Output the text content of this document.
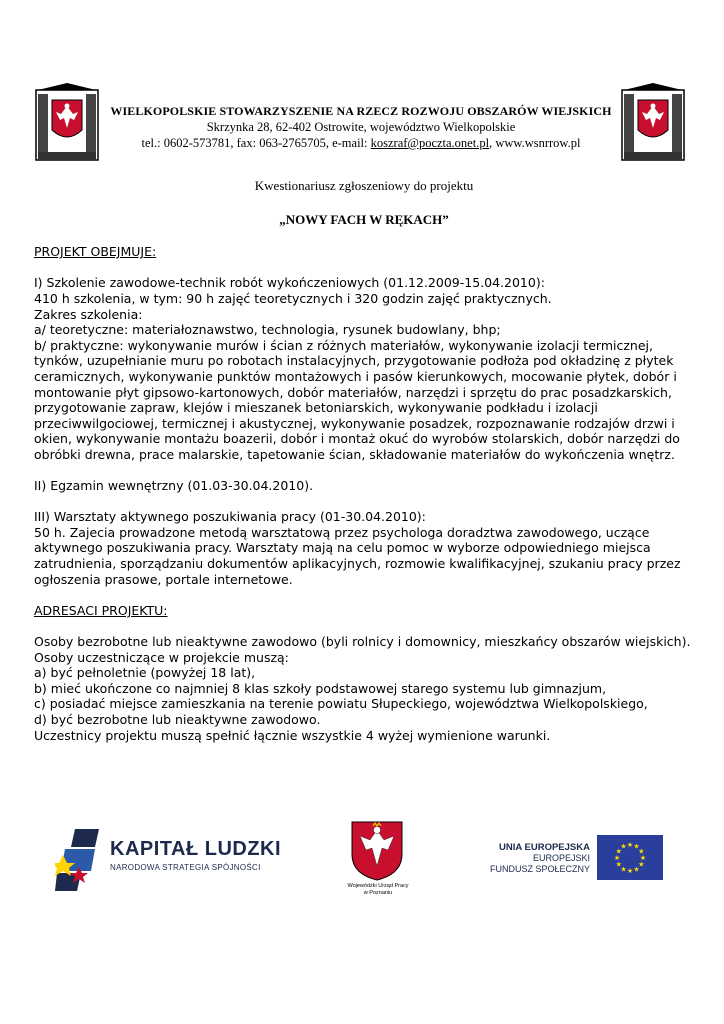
WIELKOPOLSKIE STOWARZYSZENIE NA RZECZ ROZWOJU OBSZARÓW WIEJSKICH
Skrzynka 28, 62-402 Ostrowite, województwo Wielkopolskie
tel.: 0602-573781, fax: 063-2765705, e-mail: koszraf@poczta.onet.pl, www.wsnrrow.pl

Kwestionariusz zgłoszeniowy do projektu

„NOWY FACH W RĘKACH”

PROJEKT OBEJMUJE:

I) Szkolenie zawodowe-technik robót wykończeniowych (01.12.2009-15.04.2010):

410 h szkolenia, w tym: 90 h zajęć teoretycznych i 320 godzin zajęć praktycznych.

Zakres szkolenia:

a/ teoretyczne: materiałoznawstwo, technologia, rysunek budowlany, bhp;

b/ praktyczne: wykonywanie murów i ścian z różnych materiałów, wykonywanie izolacji termicznej, tynków, uzupełnianie muru po robotach instalacyjnych, przygotowanie podłoża pod okładzinę z płytek ceramicznych, wykonywanie punktów montażowych i pasów kierunkowych, mocowanie płytek, dobór i montowanie płyt gipsowo-kartonowych, dobór materiałów, narzędzi i sprzętu do prac posadzkarskich, przygotowanie zapraw, klejów i mieszanek betoniarskich, wykonywanie podkładu i izolacji przeciwwilgociowej, termicznej i akustycznej, wykonywanie posadzek, rozpoznawanie rodzajów drzwi i okien, wykonywanie montażu boazerii, dobór i montaż okuć do wyrobów stolarskich, dobór narzędzi do obróbki drewna, prace malarskie, tapetowanie ścian, składowanie materiałów do wykończenia wnętrz.

II) Egzamin wewnętrzny (01.03-30.04.2010).

III) Warsztaty aktywnego poszukiwania pracy (01-30.04.2010):

50 h. Zajecia prowadzone metodą warsztatową przez psychologa doradztwa zawodowego, uczące aktywnego poszukiwania pracy. Warsztaty mają na celu pomoc w wyborze odpowiedniego miejsca zatrudnienia, sporządzaniu dokumentów aplikacyjnych, rozmowie kwalifikacyjnej, szukaniu pracy przez ogłoszenia prasowe, portale internetowe.

ADRESACI PROJEKTU:

Osoby bezrobotne lub nieaktywne zawodowo (byli rolnicy i domownicy, mieszkańcy obszarów wiejskich).

Osoby uczestniczące w projekcie muszą:

a) być pełnoletnie (powyżej 18 lat),

b) mieć ukończone co najmniej 8 klas szkoły podstawowej starego systemu lub gimnazjum,

c) posiadać miejsce zamieszkania na terenie powiatu Słupeckiego, województwa Wielkopolskiego,

d) być bezrobotne lub nieaktywne zawodowo.

Uczestnicy projektu muszą spełnić łącznie wszystkie 4 wyżej wymienione warunki.

KAPITAŁ LUDZKI
NARODOWA STRATEGIA SPÓJNOŚCI
Wojewódzki Urząd Pracy
w Poznaniu
UNIA EUROPEJSKA
EUROPEJSKI
FUNDUSZ SPOŁECZNY
★
★
★
★
★
★
★
★
★ ★ ★
★
